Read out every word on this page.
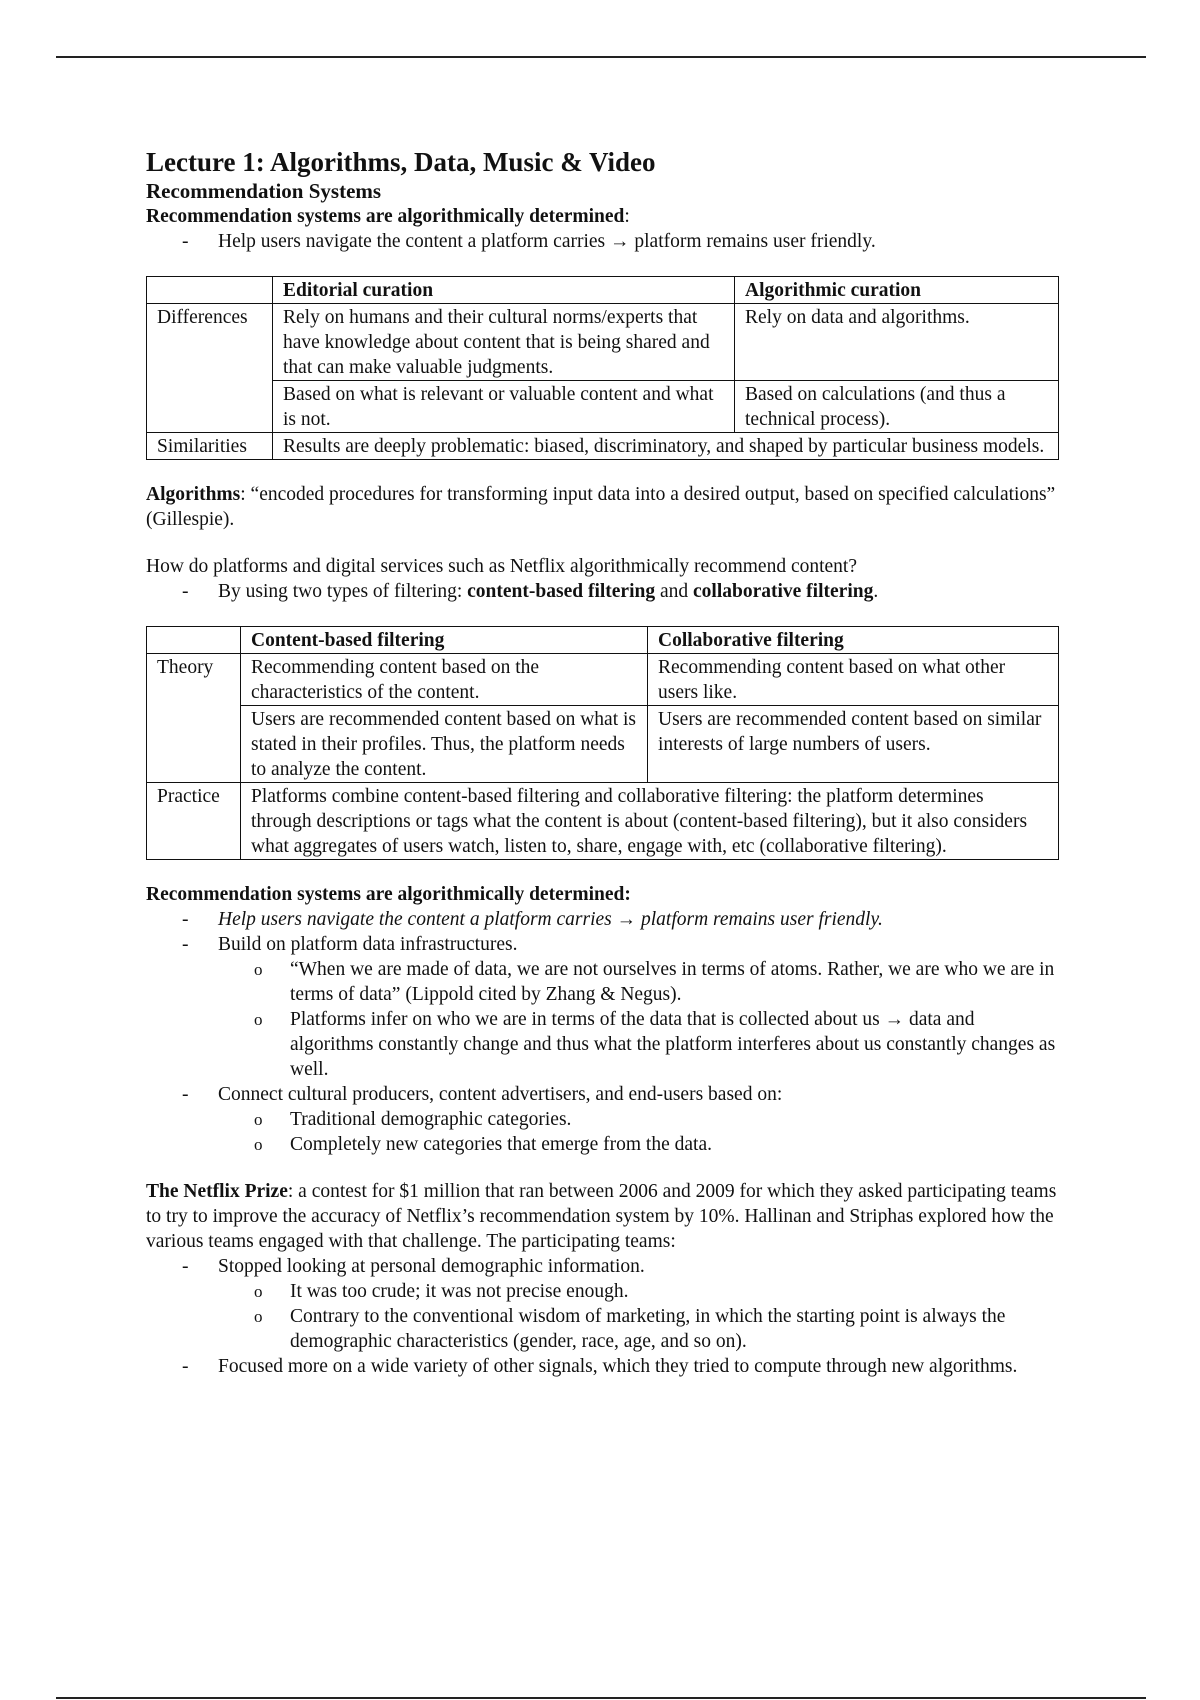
Lecture 1: Algorithms, Data, Music & Video
Recommendation Systems

Recommendation systems are algorithmically determined:

- Help users navigate the content a platform carries → platform remains user friendly.
	Editorial curation	Algorithmic curation
Differences	Rely on humans and their cultural norms/experts that have knowledge about content that is being shared and that can make valuable judgments.	Rely on data and algorithms.
	Based on what is relevant or valuable content and what is not.	Based on calculations (and thus a technical process).
Similarities	Results are deeply problematic: biased, discriminatory, and shaped by particular business models.	

Algorithms: “encoded procedures for transforming input data into a desired output, based on specified calculations” (Gillespie).

How do platforms and digital services such as Netflix algorithmically recommend content?

- By using two types of filtering: content-based filtering and collaborative filtering.
	Content-based filtering	Collaborative filtering
Theory	Recommending content based on the characteristics of the content.	Recommending content based on what other users like.
	Users are recommended content based on what is stated in their profiles. Thus, the platform needs to analyze the content.	Users are recommended content based on similar interests of large numbers of users.
Practice	Platforms combine content-based filtering and collaborative filtering: the platform determines through descriptions or tags what the content is about (content-based filtering), but it also considers what aggregates of users watch, listen to, share, engage with, etc (collaborative filtering).	

Recommendation systems are algorithmically determined:

- Help users navigate the content a platform carries → platform remains user friendly.
- Build on platform data infrastructures.
o “When we are made of data, we are not ourselves in terms of atoms. Rather, we are who we are in terms of data” (Lippold cited by Zhang & Negus).
o Platforms infer on who we are in terms of the data that is collected about us → data and algorithms constantly change and thus what the platform interferes about us constantly changes as well.
- Connect cultural producers, content advertisers, and end-users based on:
o Traditional demographic categories.
o Completely new categories that emerge from the data.

The Netflix Prize: a contest for $1 million that ran between 2006 and 2009 for which they asked participating teams to try to improve the accuracy of Netflix’s recommendation system by 10%. Hallinan and Striphas explored how the various teams engaged with that challenge. The participating teams:

- Stopped looking at personal demographic information.
o It was too crude; it was not precise enough.
o Contrary to the conventional wisdom of marketing, in which the starting point is always the demographic characteristics (gender, race, age, and so on).
- Focused more on a wide variety of other signals, which they tried to compute through new algorithms.
